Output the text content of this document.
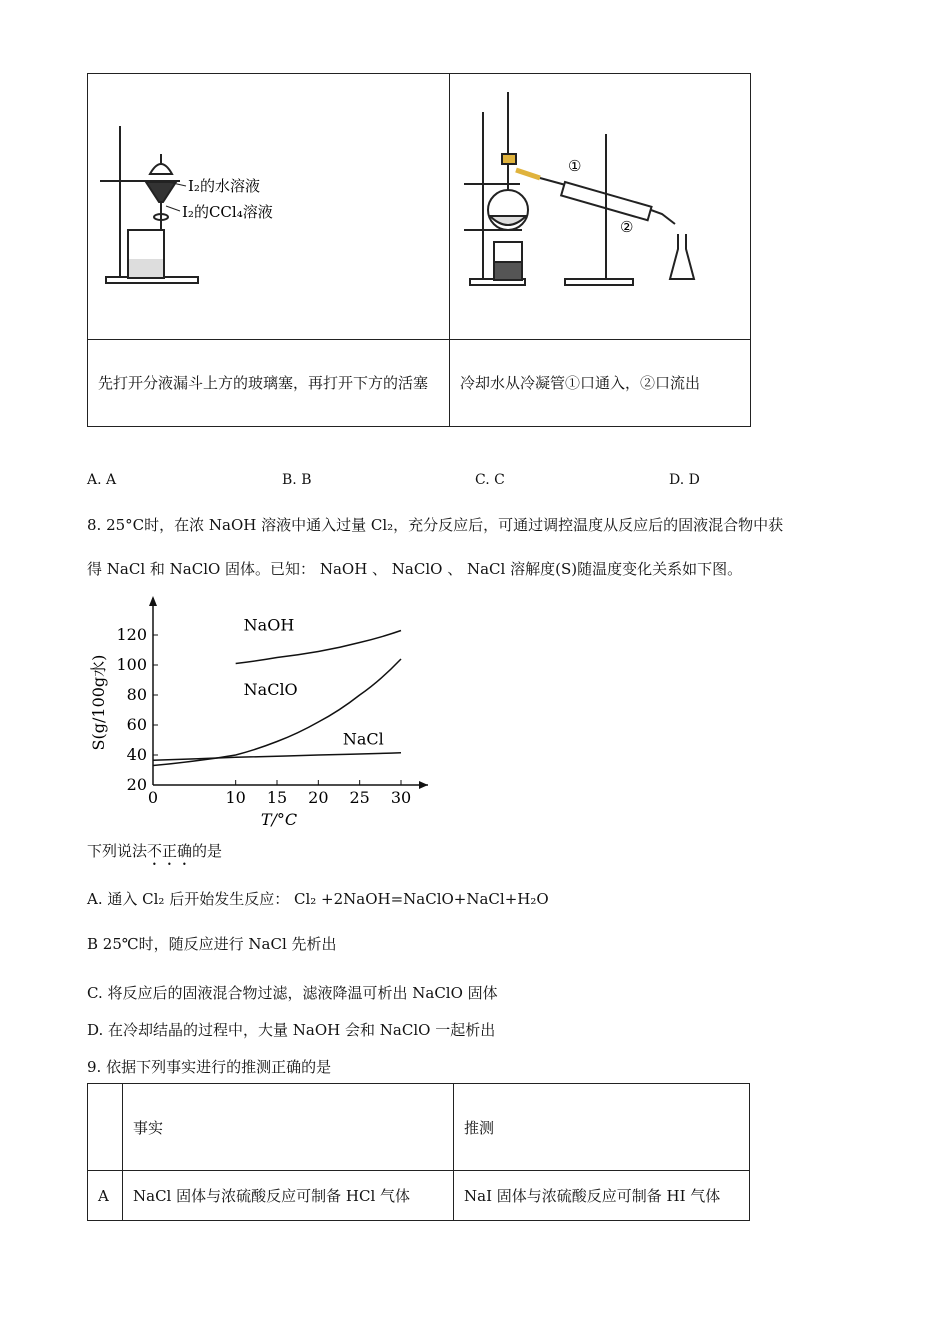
I₂的水溶液
I₂的CCl₄溶液	①
②

先打开分液漏斗上方的玻璃塞，再打开下方的活塞	冷却水从冷凝管①口通入，②口流出
A. A	B. B	C. C	D. D
8. 25°C时，在浓 NaOH 溶液中通入过量 Cl₂，充分反应后，可通过调控温度从反应后的固液混合物中获
得 NaCl 和 NaClO 固体。已知： NaOH 、 NaClO 、 NaCl 溶解度(S)随温度变化关系如下图。
0	10 15 20 25 30
20
40
60
80
100
120
T/°C
S(g/100g水)
NaOH
NaClO
NaCl
下列说法不正确的是
A. 通入 Cl₂ 后开始发生反应： Cl₂ +2NaOH=NaClO+NaCl+H₂O
B 25℃时，随反应进行 NaCl 先析出
C. 将反应后的固液混合物过滤，滤液降温可析出 NaClO 固体
D. 在冷却结晶的过程中，大量 NaOH 会和 NaClO 一起析出
9. 依据下列事实进行的推测正确的是
	事实	推测
A	NaCl 固体与浓硫酸反应可制备 HCl 气体	NaI 固体与浓硫酸反应可制备 HI 气体
